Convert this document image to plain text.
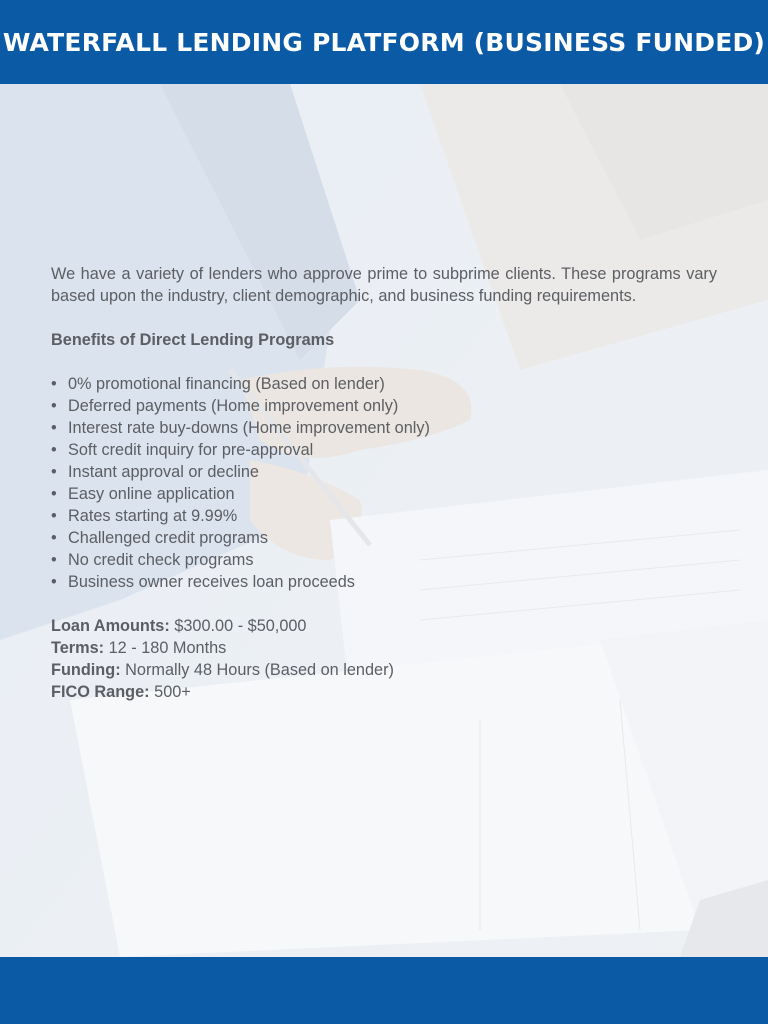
WATERFALL LENDING PLATFORM (BUSINESS FUNDED)

We have a variety of lenders who approve prime to subprime clients. These programs vary based upon the industry, client demographic, and business funding requirements.

Benefits of Direct Lending Programs
• 0% promotional financing (Based on lender)
• Deferred payments (Home improvement only)
• Interest rate buy-downs (Home improvement only)
• Soft credit inquiry for pre-approval
• Instant approval or decline
• Easy online application
• Rates starting at 9.99%
• Challenged credit programs
• No credit check programs
• Business owner receives loan proceeds
Loan Amounts: $300.00 - $50,000
Terms: 12 - 180 Months
Funding: Normally 48 Hours (Based on lender)
FICO Range: 500+
